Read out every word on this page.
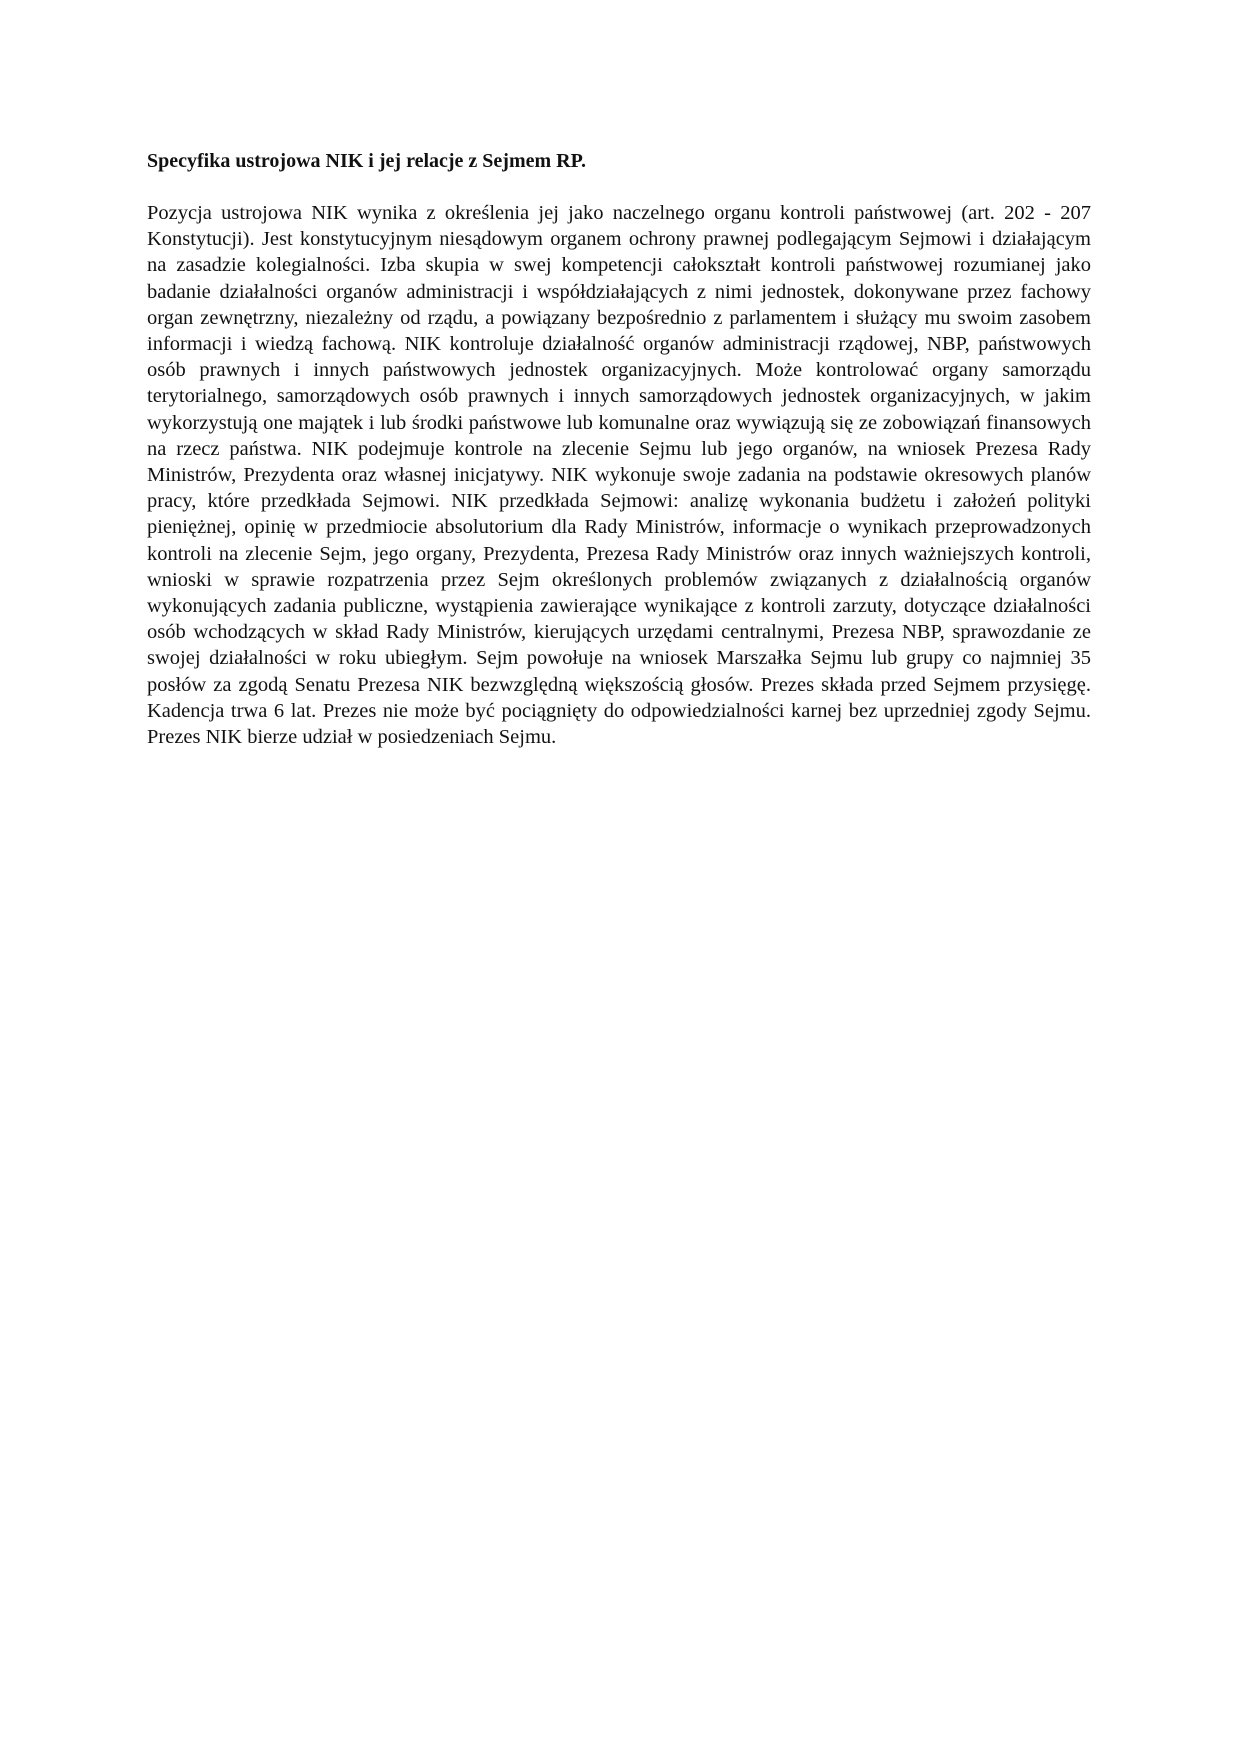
Specyfika ustrojowa NIK i jej relacje z Sejmem RP.

Pozycja ustrojowa NIK wynika z określenia jej jako naczelnego organu kontroli państwowej (art. 202 - 207 Konstytucji). Jest konstytucyjnym niesądowym organem ochrony prawnej podlegającym Sejmowi i działającym na zasadzie kolegialności. Izba skupia w swej kompetencji całokształt kontroli państwowej rozumianej jako badanie działalności organów administracji i współdziałających z nimi jednostek, dokonywane przez fachowy organ zewnętrzny, niezależny od rządu, a powiązany bezpośrednio z parlamentem i służący mu swoim zasobem informacji i wiedzą fachową. NIK kontroluje działalność organów administracji rządowej, NBP, państwowych osób prawnych i innych państwowych jednostek organizacyjnych. Może kontrolować organy samorządu terytorialnego, samorządowych osób prawnych i innych samorządowych jednostek organizacyjnych, w jakim wykorzystują one majątek i lub środki państwowe lub komunalne oraz wywiązują się ze zobowiązań finansowych na rzecz państwa. NIK podejmuje kontrole na zlecenie Sejmu lub jego organów, na wniosek Prezesa Rady Ministrów, Prezydenta oraz własnej inicjatywy. NIK wykonuje swoje zadania na podstawie okresowych planów pracy, które przedkłada Sejmowi. NIK przedkłada Sejmowi: analizę wykonania budżetu i założeń polityki pieniężnej, opinię w przedmiocie absolutorium dla Rady Ministrów, informacje o wynikach przeprowadzonych kontroli na zlecenie Sejm, jego organy, Prezydenta, Prezesa Rady Ministrów oraz innych ważniejszych kontroli, wnioski w sprawie rozpatrzenia przez Sejm określonych problemów związanych z działalnością organów wykonujących zadania publiczne, wystąpienia zawierające wynikające z kontroli zarzuty, dotyczące działalności osób wchodzących w skład Rady Ministrów, kierujących urzędami centralnymi, Prezesa NBP, sprawozdanie ze swojej działalności w roku ubiegłym. Sejm powołuje na wniosek Marszałka Sejmu lub grupy co najmniej 35 posłów za zgodą Senatu Prezesa NIK bezwzględną większością głosów. Prezes składa przed Sejmem przysięgę. Kadencja trwa 6 lat. Prezes nie może być pociągnięty do odpowiedzialności karnej bez uprzedniej zgody Sejmu. Prezes NIK bierze udział w posiedzeniach Sejmu.
